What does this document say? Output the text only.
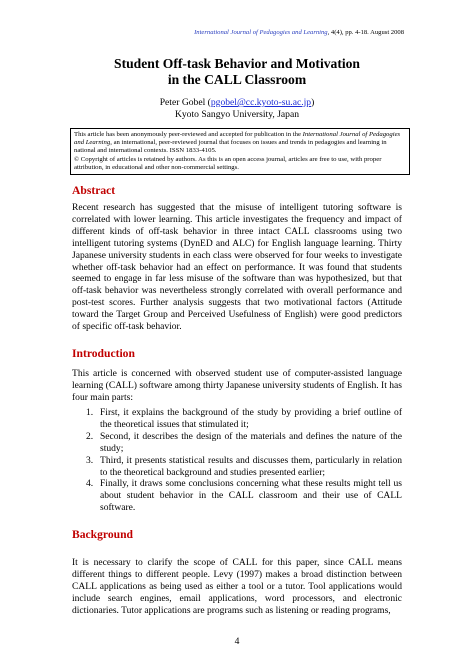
International Journal of Pedagogies and Learning, 4(4), pp. 4-18. August 2008
Student Off-task Behavior and Motivation
in the CALL Classroom
Peter Gobel (pgobel@cc.kyoto-su.ac.jp)
Kyoto Sangyo University, Japan
This article has been anonymously peer-reviewed and accepted for publication in the International Journal of Pedagogies and Learning, an international, peer-reviewed journal that focuses on issues and trends in pedagogies and learning in national and international contexts. ISSN 1833-4105.
© Copyright of articles is retained by authors. As this is an open access journal, articles are free to use, with proper attribution, in educational and other non-commercial settings.
Abstract
Recent research has suggested that the misuse of intelligent tutoring software is correlated with lower learning. This article investigates the frequency and impact of different kinds of off-task behavior in three intact CALL classrooms using two intelligent tutoring systems (DynED and ALC) for English language learning. Thirty Japanese university students in each class were observed for four weeks to investigate whether off-task behavior had an effect on performance. It was found that students seemed to engage in far less misuse of the software than was hypothesized, but that off-task behavior was nevertheless strongly correlated with overall performance and post-test scores. Further analysis suggests that two motivational factors (Attitude toward the Target Group and Perceived Usefulness of English) were good predictors of specific off-task behavior.
Introduction
This article is concerned with observed student use of computer-assisted language learning (CALL) software among thirty Japanese university students of English. It has four main parts:
1. First, it explains the background of the study by providing a brief outline of the theoretical issues that stimulated it;
2. Second, it describes the design of the materials and defines the nature of the study;
3. Third, it presents statistical results and discusses them, particularly in relation to the theoretical background and studies presented earlier;
4. Finally, it draws some conclusions concerning what these results might tell us about student behavior in the CALL classroom and their use of CALL software.
Background
It is necessary to clarify the scope of CALL for this paper, since CALL means different things to different people. Levy (1997) makes a broad distinction between CALL applications as being used as either a tool or a tutor. Tool applications would include search engines, email applications, word processors, and electronic dictionaries. Tutor applications are programs such as listening or reading programs,
4
